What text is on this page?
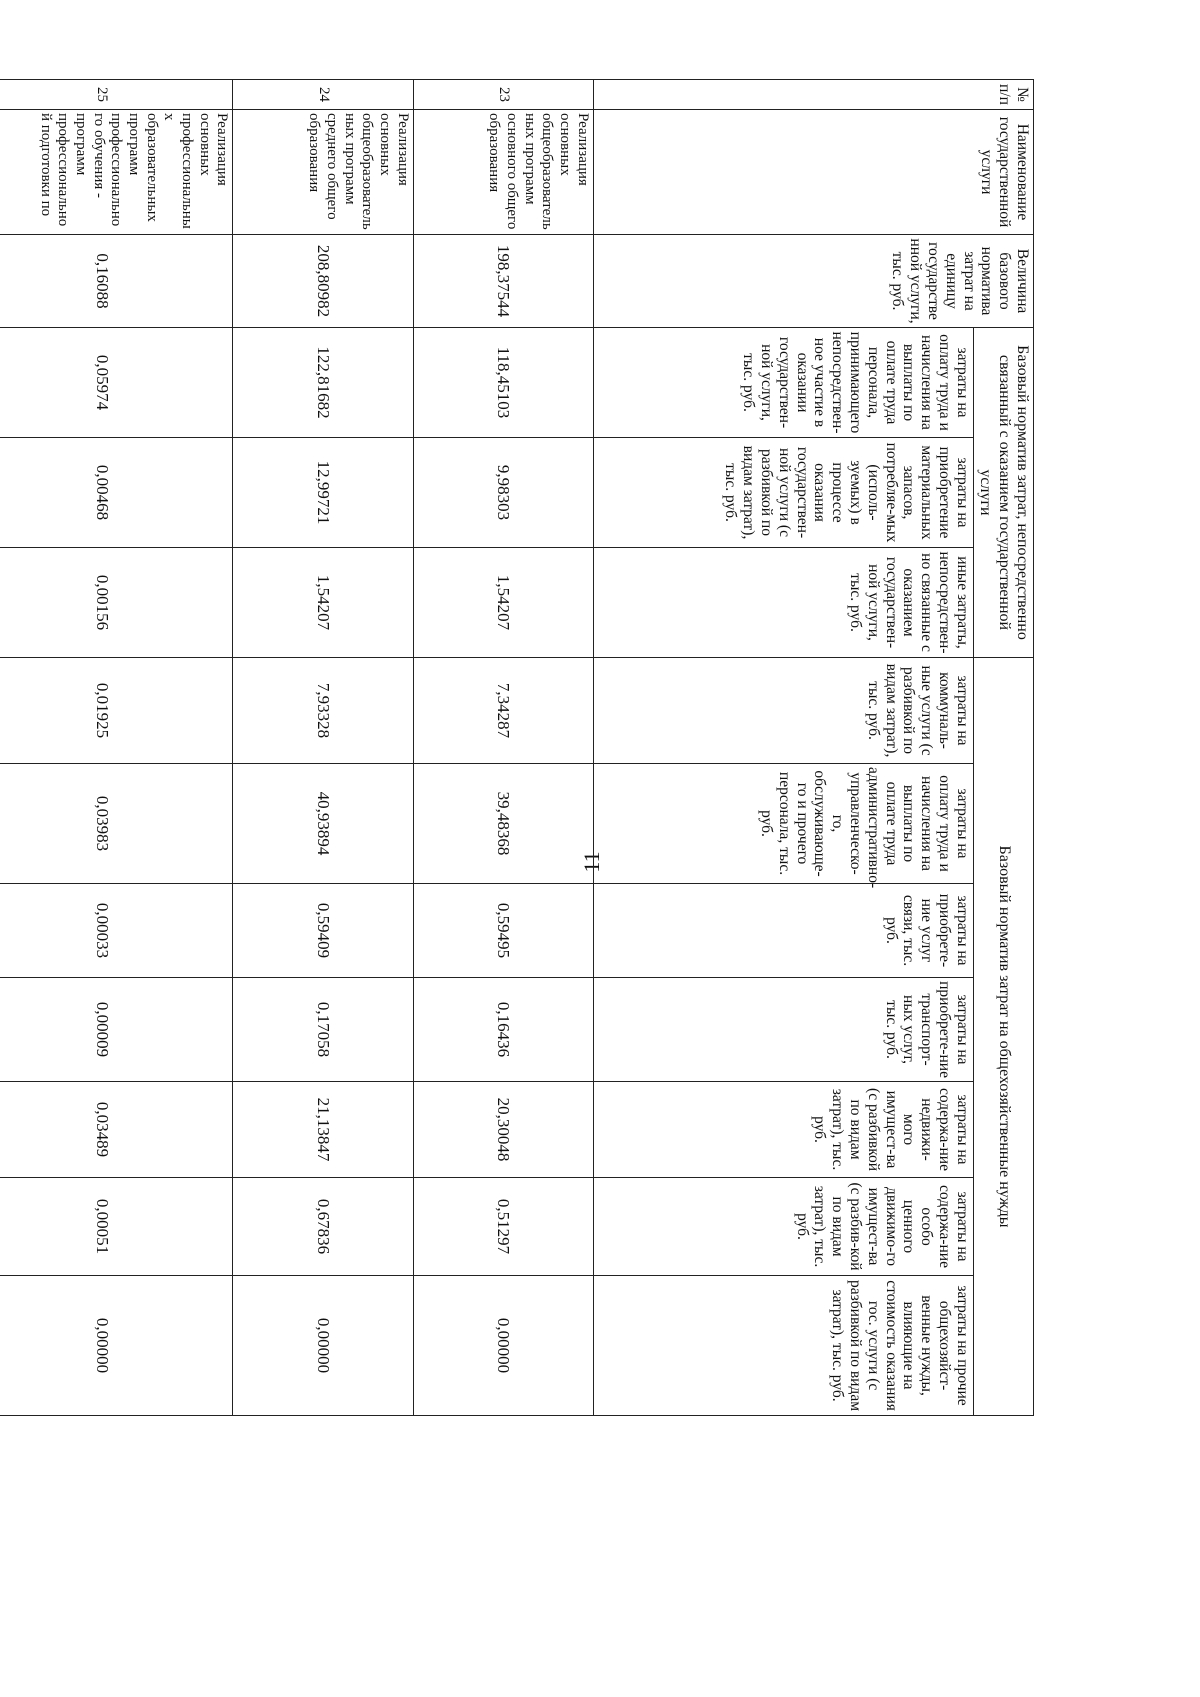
11
№ п/п	Наименование государственной услуги	Величина базового норматива затрат на единицу государстве нной услуги, тыс. руб.	Базовый норматив затрат, непосредственно связанный с оказанием государственной услуги			Базовый норматив затрат на общехозяйственные нужды						
			затраты на оплату труда и начисления на выплаты по оплате труда персонала, принимающего непосредствен-ное участие в оказании государствен-ной услуги, тыс. руб.	затраты на приобретение материальных запасов, потребляе-мых (исполь-зуемых) в процессе оказания государствен-ной услуги (с разбивкой по видам затрат), тыс. руб.	иные затраты, непосредствен-но связанные с оказанием государствен-ной услуги, тыс. руб.	затраты на коммуналь-ные услуги (с разбивкой по видам затрат), тыс. руб.	затраты на оплату труда и начисления на выплаты по оплате труда административно-управленческо-го, обслуживающе-го и прочего персонала, тыс. руб.	затраты на приобрете-ние услуг связи, тыс. руб.	затраты на приобрете-ние транспорт-ных услуг, тыс. руб.	затраты на содержа-ние недвижи-мого имущест-ва (с разбивкой по видам затрат), тыс. руб.	затраты на содержа-ние особо ценного движимо-го имущест-ва (с разбив-кой по видам затрат), тыс. руб.	затраты на прочие общехозяйст-венные нужды, влияющие на стоимость оказания гос. услуги (с разбивкой по видам затрат), тыс. руб.
23	Реализация основных общеобразователь ных программ основного общего образования	198,37544	118,45103	9,98303	1,54207	7,34287	39,48368	0,59495	0,16436	20,30048	0,51297	0,00000
24	Реализация основных общеобразователь ных программ среднего общего образования	208,80982	122,81682	12,99721	1,54207	7,93328	40,93894	0,59409	0,17058	21,13847	0,67836	0,00000
25	Реализация основных профессиональны х образовательных программ профессионально го обучения - программ профессионально й подготовки по	0,16088	0,05974	0,00468	0,00156	0,01925	0,03983	0,00033	0,00009	0,03489	0,00051	0,00000
